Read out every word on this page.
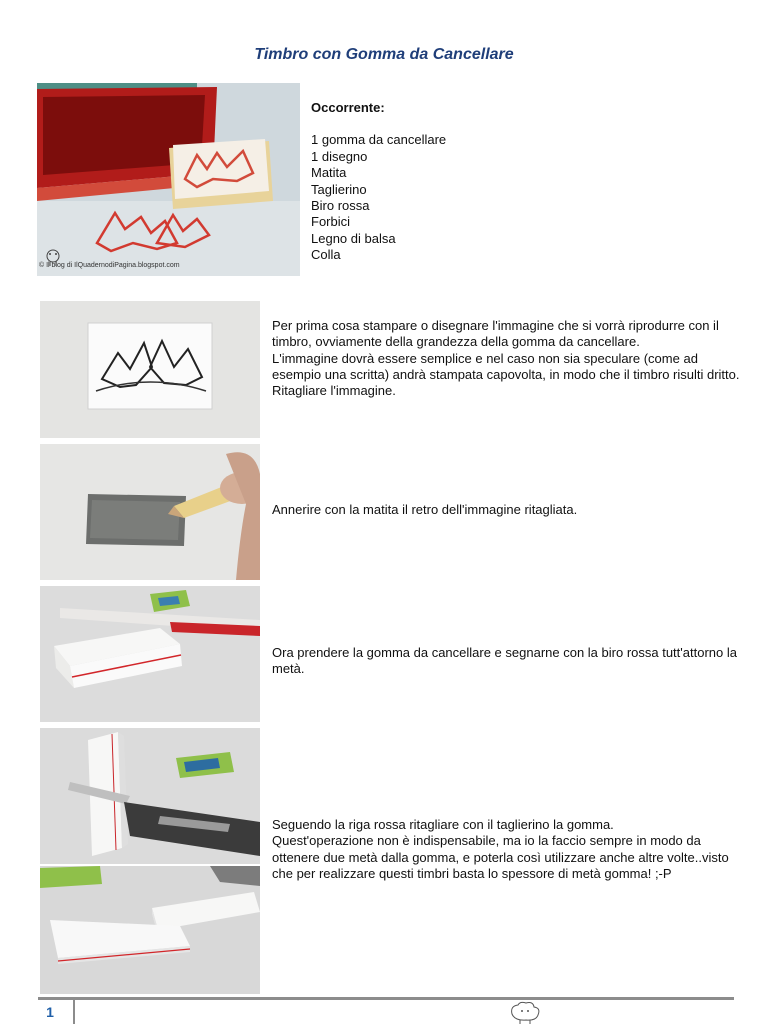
Timbro con Gomma da Cancellare
© Il blog di IlQuadernodiPagina.blogspot.com
Occorrente:
1 gomma da cancellare
1 disegno
Matita
Taglierino
Biro rossa
Forbici
Legno di balsa
Colla

Per prima cosa stampare o disegnare l'immagine che si vorrà riprodurre con il timbro, ovviamente della grandezza della gomma da cancellare.

L'immagine dovrà essere semplice e nel caso non sia speculare (come ad esempio una scritta) andrà stampata capovolta, in modo che il timbro risulti dritto.

Ritagliare l'immagine.

Annerire con la matita il retro dell'immagine ritagliata.

Ora prendere la gomma da cancellare e segnarne con la biro rossa tutt'attorno la metà.

Seguendo la riga rossa ritagliare con il taglierino la gomma.

Quest'operazione non è indispensabile, ma io la faccio sempre in modo da ottenere due metà dalla gomma, e poterla così utilizzare anche altre volte..visto che per realizzare questi timbri basta lo spessore di metà gomma! ;-P

1
